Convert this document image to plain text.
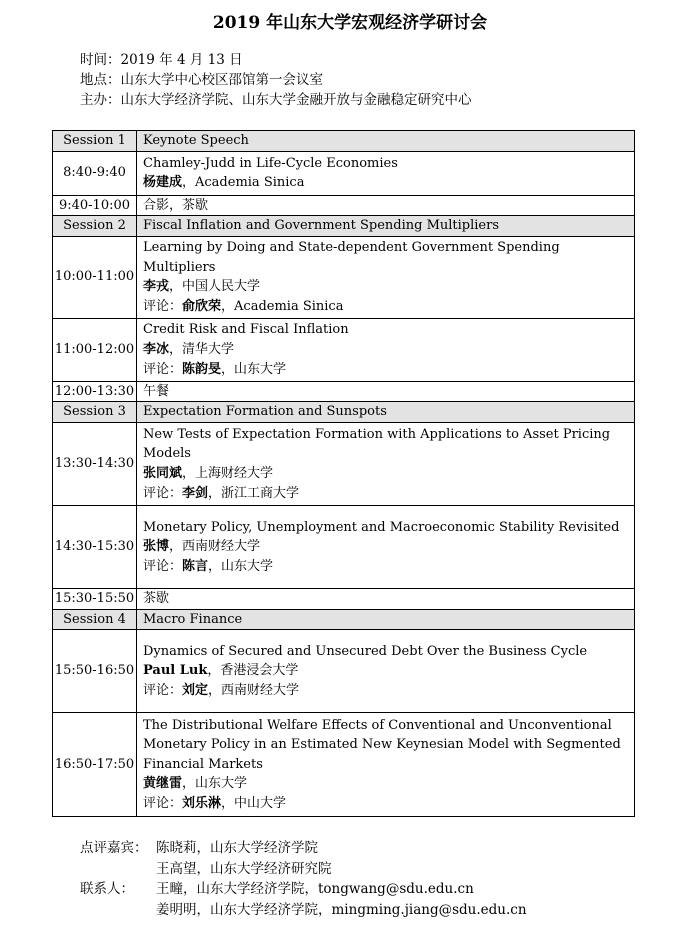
2019 年山东大学宏观经济学研讨会
时间：2019 年 4 月 13 日
地点：山东大学中心校区邵馆第一会议室
主办：山东大学经济学院、山东大学金融开放与金融稳定研究中心
Session 1	Keynote Speech
8:40-9:40	Chamley-Judd in Life-Cycle Economies
杨建成，Academia Sinica

9:40-10:00	合影，茶歇
Session 2	Fiscal Inflation and Government Spending Multipliers
10:00-11:00	Learning by Doing and State-dependent Government Spending Multipliers
李戎，中国人民大学
评论：俞欣荣，Academia Sinica

11:00-12:00	Credit Risk and Fiscal Inflation
李冰，清华大学
评论：陈韵旻，山东大学

12:00-13:30	午餐
Session 3	Expectation Formation and Sunspots
13:30-14:30	New Tests of Expectation Formation with Applications to Asset Pricing Models
张同斌，上海财经大学
评论：李剑，浙江工商大学

14:30-15:30	Monetary Policy, Unemployment and Macroeconomic Stability Revisited
张博，西南财经大学
评论：陈言，山东大学

15:30-15:50	茶歇
Session 4	Macro Finance
15:50-16:50	Dynamics of Secured and Unsecured Debt Over the Business Cycle
Paul Luk，香港浸会大学
评论：刘定，西南财经大学

16:50-17:50	The Distributional Welfare Effects of Conventional and Unconventional Monetary Policy in an Estimated New Keynesian Model with Segmented Financial Markets
黄继雷，山东大学
评论：刘乐淋，中山大学
点评嘉宾： 陈晓莉，山东大学经济学院
王高望，山东大学经济研究院
联系人：	王疃，山东大学经济学院，tongwang@sdu.edu.cn
姜明明，山东大学经济学院，mingming.jiang@sdu.edu.cn
